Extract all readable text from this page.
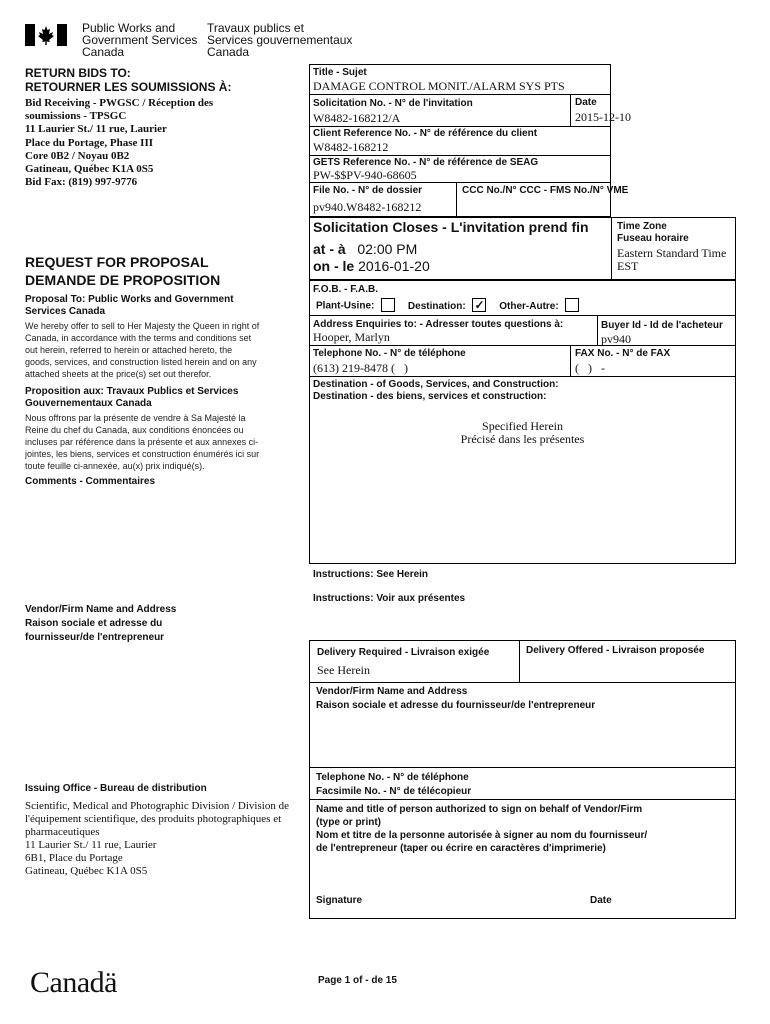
Public Works and
Government Services
Canada
Travaux publics et
Services gouvernementaux
Canada
RETURN BIDS TO:
RETOURNER LES SOUMISSIONS À:
Bid Receiving - PWGSC / Réception des
soumissions - TPSGC
11 Laurier St./ 11 rue, Laurier
Place du Portage, Phase III
Core 0B2 / Noyau 0B2
Gatineau, Québec K1A 0S5
Bid Fax: (819) 997-9776
REQUEST FOR PROPOSAL
DEMANDE DE PROPOSITION
Proposal To: Public Works and Government Services Canada
We hereby offer to sell to Her Majesty the Queen in right of Canada, in accordance with the terms and conditions set out herein, referred to herein or attached hereto, the goods, services, and construction listed herein and on any attached sheets at the price(s) set out therefor.
Proposition aux: Travaux Publics et Services Gouvernementaux Canada
Nous offrons par la présente de vendre à Sa Majesté la Reine du chef du Canada, aux conditions énoncées ou incluses par référence dans la présente et aux annexes ci-jointes, les biens, services et construction énumérés ici sur toute feuille ci-annexée, au(x) prix indiqué(s).
Comments - Commentaires
Vendor/Firm Name and Address
Raison sociale et adresse du
fournisseur/de l'entrepreneur
Issuing Office - Bureau de distribution
Scientific, Medical and Photographic Division / Division de
l'équipement scientifique, des produits photographiques et
pharmaceutiques
11 Laurier St./ 11 rue, Laurier
6B1, Place du Portage
Gatineau, Québec K1A 0S5
Title - Sujet
DAMAGE CONTROL MONIT./ALARM SYS PTS
Solicitation No. - N° de l'invitation
W8482-168212/A
Date
2015-12-10
Client Reference No. - N° de référence du client
W8482-168212
GETS Reference No. - N° de référence de SEAG
PW-$$PV-940-68605
File No. - N° de dossier
pv940.W8482-168212
CCC No./N° CCC - FMS No./N° VME
Solicitation Closes - L'invitation prend fin
at - à 02:00 PM
on - le 2016-01-20
Time Zone
Fuseau horaire
Eastern Standard Time
EST
F.O.B. - F.A.B.
Plant-Usine:	Destination: ✓ Other-Autre:
Address Enquiries to: - Adresser toutes questions à:
Hooper, Marlyn
Buyer Id - Id de l'acheteur
pv940
Telephone No. - N° de téléphone
(613) 219-8478 (   )
FAX No. - N° de FAX
(   )   -
Destination - of Goods, Services, and Construction:
Destination - des biens, services et construction:
Specified Herein
Précisé dans les présentes
Instructions: See Herein
Instructions: Voir aux présentes
Delivery Required - Livraison exigée
See Herein
Delivery Offered - Livraison proposée
Vendor/Firm Name and Address
Raison sociale et adresse du fournisseur/de l'entrepreneur
Telephone No. - N° de téléphone
Facsimile No. - N° de télécopieur
Name and title of person authorized to sign on behalf of Vendor/Firm
(type or print)
Nom et titre de la personne autorisée à signer au nom du fournisseur/
de l'entrepreneur (taper ou écrire en caractères d'imprimerie)
Signature	Date
Canadä	Page 1 of - de 15
